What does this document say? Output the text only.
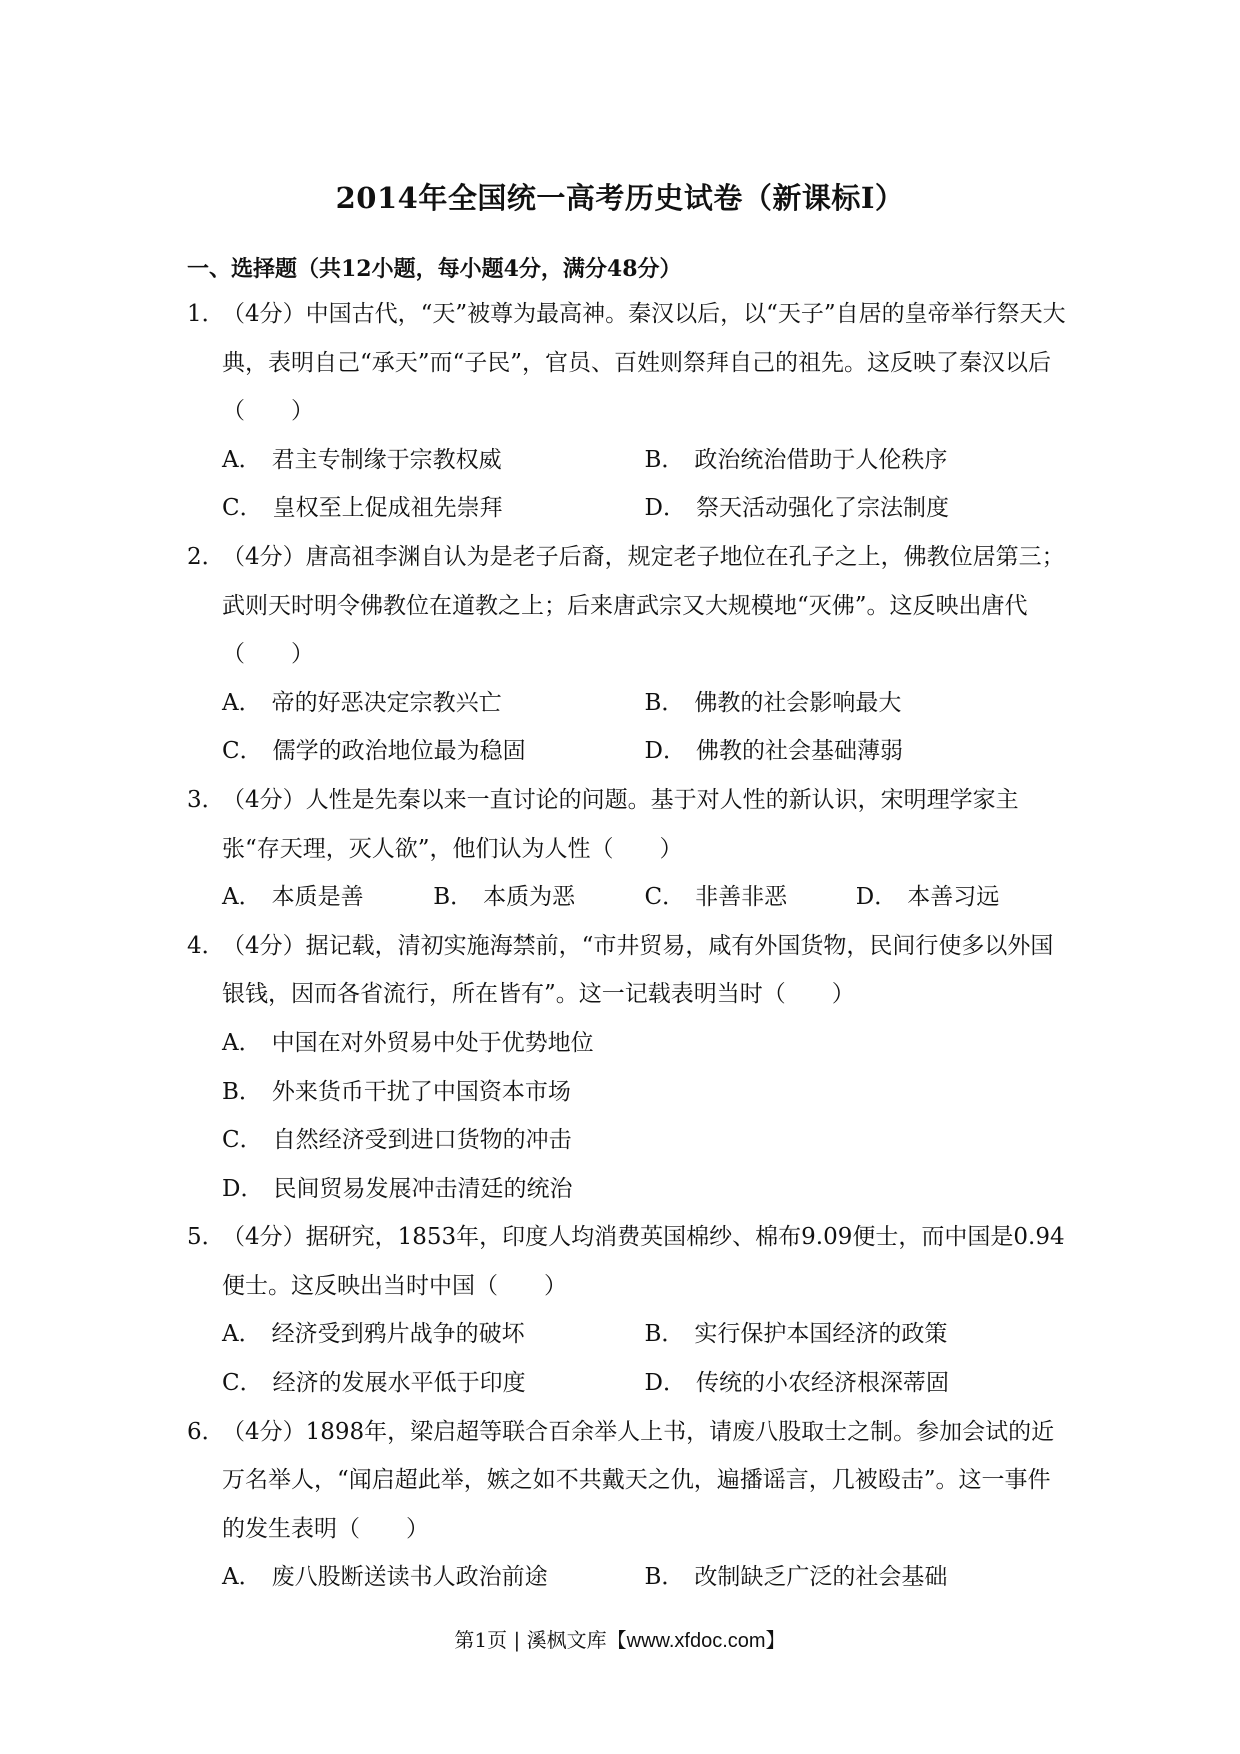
2014年全国统一高考历史试卷（新课标Ⅰ）
一、选择题（共12小题，每小题4分，满分48分）
1．
（4分）中国古代，“天”被尊为最高神。秦汉以后，以“天子”自居的皇帝举行祭天大典，表明自己“承天”而“子民”，官员、百姓则祭拜自己的祖先。这反映了秦汉以后（　　）
A． 君主专制缘于宗教权威	B． 政治统治借助于人伦秩序
C． 皇权至上促成祖先崇拜	D． 祭天活动强化了宗法制度
2．
（4分）唐高祖李渊自认为是老子后裔，规定老子地位在孔子之上，佛教位居第三；武则天时明令佛教位在道教之上；后来唐武宗又大规模地“灭佛”。这反映出唐代（　　）
A． 帝的好恶决定宗教兴亡	B． 佛教的社会影响最大
C． 儒学的政治地位最为稳固	D． 佛教的社会基础薄弱
3．
（4分）人性是先秦以来一直讨论的问题。基于对人性的新认识，宋明理学家主张“存天理，灭人欲”，他们认为人性（　　）
A． 本质是善	B． 本质为恶	C． 非善非恶	D． 本善习远
4．
（4分）据记载，清初实施海禁前，“市井贸易，咸有外国货物，民间行使多以外国银钱，因而各省流行，所在皆有”。这一记载表明当时（　　）
A． 中国在对外贸易中处于优势地位
B． 外来货币干扰了中国资本市场
C． 自然经济受到进口货物的冲击
D． 民间贸易发展冲击清廷的统治
5．
（4分）据研究，1853年，印度人均消费英国棉纱、棉布9.09便士，而中国是0.94便士。这反映出当时中国（　　）
A． 经济受到鸦片战争的破坏	B． 实行保护本国经济的政策
C． 经济的发展水平低于印度	D． 传统的小农经济根深蒂固
6．
（4分）1898年，梁启超等联合百余举人上书，请废八股取士之制。参加会试的近万名举人，“闻启超此举，嫉之如不共戴天之仇，遍播谣言，几被殴击”。这一事件的发生表明（　　）
A． 废八股断送读书人政治前途	B． 改制缺乏广泛的社会基础
第1页 | 溪枫文库【www.xfdoc.com】
